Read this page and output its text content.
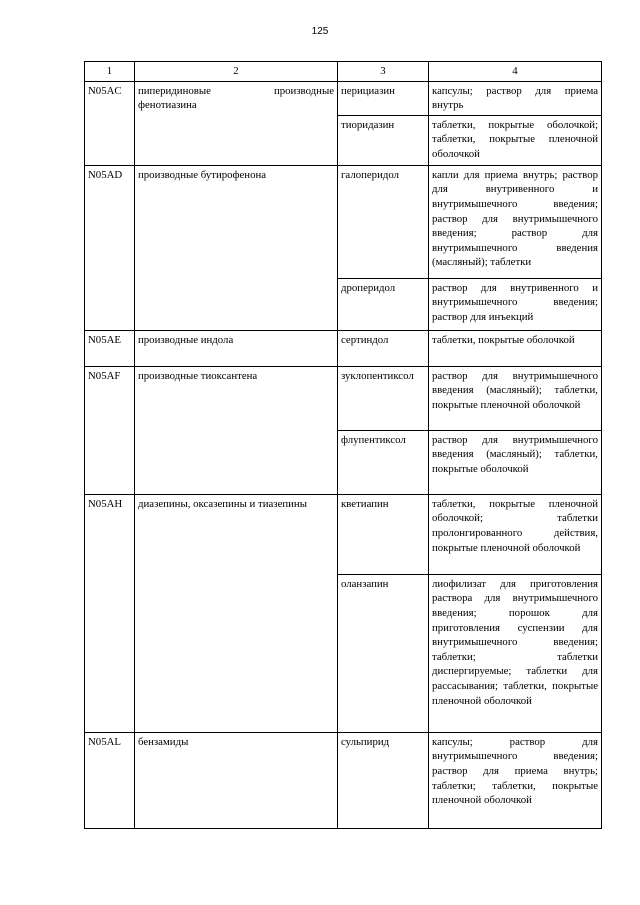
125
1	2	3	4
N05AC	пиперидиновые производные фенотиазина	перициазин	капсулы; раствор для приема внутрь
		тиоридазин	таблетки, покрытые оболочкой; таблетки, покрытые пленочной оболочкой
N05AD	производные бутирофенона	галоперидол	капли для приема внутрь; раствор для внутривенного и внутримышечного введения; раствор для внутримышечного введения; раствор для внутримышечного введения (масляный); таблетки
		дроперидол	раствор для внутривенного и внутримышечного введения; раствор для инъекций
N05AE	производные индола	сертиндол	таблетки, покрытые оболочкой
N05AF	производные тиоксантена	зуклопентиксол	раствор для внутримышечного введения (масляный); таблетки, покрытые пленочной оболочкой
		флупентиксол	раствор для внутримышечного введения (масляный); таблетки, покрытые оболочкой
N05AH	диазепины, оксазепины и тиазепины	кветиапин	таблетки, покрытые пленочной оболочкой; таблетки пролонгированного действия, покрытые пленочной оболочкой
		оланзапин	лиофилизат для приготовления раствора для внутримышечного введения; порошок для приготовления суспензии для внутримышечного введения; таблетки; таблетки диспергируемые; таблетки для рассасывания; таблетки, покрытые пленочной оболочкой
N05AL	бензамиды	сульпирид	капсулы; раствор для внутримышечного введения; раствор для приема внутрь; таблетки; таблетки, покрытые пленочной оболочкой
